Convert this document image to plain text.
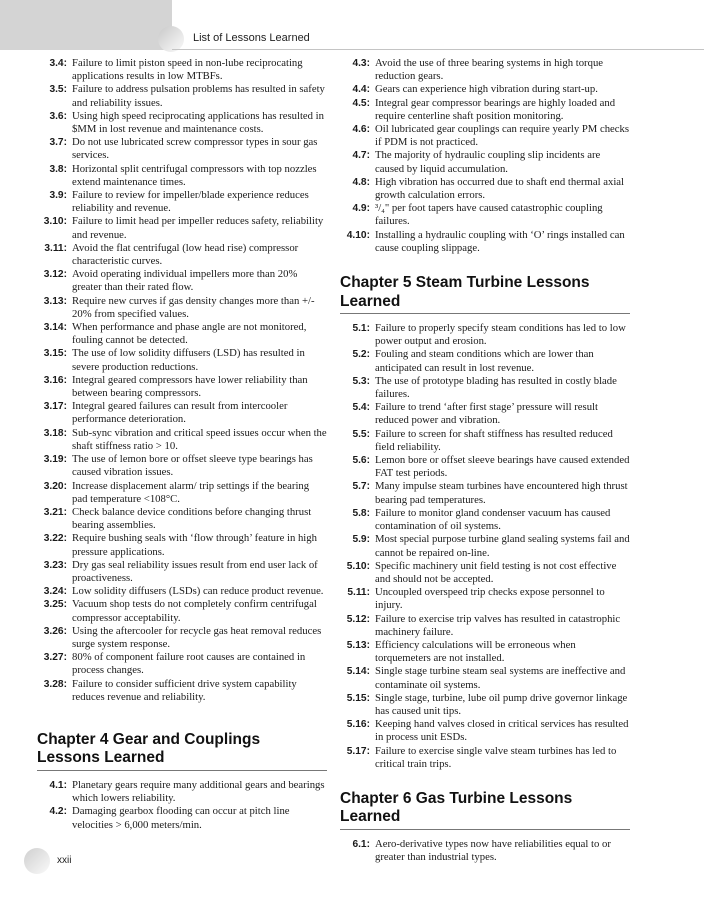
List of Lessons Learned
3.4: Failure to limit piston speed in non-lube reciprocating applications results in low MTBFs.
3.5: Failure to address pulsation problems has resulted in safety and reliability issues.
3.6: Using high speed reciprocating applications has resulted in $MM in lost revenue and maintenance costs.
3.7: Do not use lubricated screw compressor types in sour gas services.
3.8: Horizontal split centrifugal compressors with top nozzles extend maintenance times.
3.9: Failure to review for impeller/blade experience reduces reliability and revenue.
3.10: Failure to limit head per impeller reduces safety, reliability and revenue.
3.11: Avoid the flat centrifugal (low head rise) compressor characteristic curves.
3.12: Avoid operating individual impellers more than 20% greater than their rated flow.
3.13: Require new curves if gas density changes more than +/- 20% from specified values.
3.14: When performance and phase angle are not monitored, fouling cannot be detected.
3.15: The use of low solidity diffusers (LSD) has resulted in severe production reductions.
3.16: Integral geared compressors have lower reliability than between bearing compressors.
3.17: Integral geared failures can result from intercooler performance deterioration.
3.18: Sub-sync vibration and critical speed issues occur when the shaft stiffness ratio > 10.
3.19: The use of lemon bore or offset sleeve type bearings has caused vibration issues.
3.20: Increase displacement alarm/ trip settings if the bearing pad temperature <108°C.
3.21: Check balance device conditions before changing thrust bearing assemblies.
3.22: Require bushing seals with ‘flow through’ feature in high pressure applications.
3.23: Dry gas seal reliability issues result from end user lack of proactiveness.
3.24: Low solidity diffusers (LSDs) can reduce product revenue.
3.25: Vacuum shop tests do not completely confirm centrifugal compressor acceptability.
3.26: Using the aftercooler for recycle gas heat removal reduces surge system response.
3.27: 80% of component failure root causes are contained in process changes.
3.28: Failure to consider sufficient drive system capability reduces revenue and reliability.
Chapter 4 Gear and Couplings Lessons Learned
4.1: Planetary gears require many additional gears and bearings which lowers reliability.
4.2: Damaging gearbox flooding can occur at pitch line velocities > 6,000 meters/min.
4.3: Avoid the use of three bearing systems in high torque reduction gears.
4.4: Gears can experience high vibration during start-up.
4.5: Integral gear compressor bearings are highly loaded and require centerline shaft position monitoring.
4.6: Oil lubricated gear couplings can require yearly PM checks if PDM is not practiced.
4.7: The majority of hydraulic coupling slip incidents are caused by liquid accumulation.
4.8: High vibration has occurred due to shaft end thermal axial growth calculation errors.
4.9: ³/₄" per foot tapers have caused catastrophic coupling failures.
4.10: Installing a hydraulic coupling with ‘O’ rings installed can cause coupling slippage.
Chapter 5 Steam Turbine Lessons Learned
5.1: Failure to properly specify steam conditions has led to low power output and erosion.
5.2: Fouling and steam conditions which are lower than anticipated can result in lost revenue.
5.3: The use of prototype blading has resulted in costly blade failures.
5.4: Failure to trend ‘after first stage’ pressure will result reduced power and vibration.
5.5: Failure to screen for shaft stiffness has resulted reduced field reliability.
5.6: Lemon bore or offset sleeve bearings have caused extended FAT test periods.
5.7: Many impulse steam turbines have encountered high thrust bearing pad temperatures.
5.8: Failure to monitor gland condenser vacuum has caused contamination of oil systems.
5.9: Most special purpose turbine gland sealing systems fail and cannot be repaired on-line.
5.10: Specific machinery unit field testing is not cost effective and should not be accepted.
5.11: Uncoupled overspeed trip checks expose personnel to injury.
5.12: Failure to exercise trip valves has resulted in catastrophic machinery failure.
5.13: Efficiency calculations will be erroneous when torquemeters are not installed.
5.14: Single stage turbine steam seal systems are ineffective and contaminate oil systems.
5.15: Single stage, turbine, lube oil pump drive governor linkage has caused unit tips.
5.16: Keeping hand valves closed in critical services has resulted in process unit ESDs.
5.17: Failure to exercise single valve steam turbines has led to critical train trips.
Chapter 6 Gas Turbine Lessons Learned
6.1: Aero-derivative types now have reliabilities equal to or greater than industrial types.
xxii
